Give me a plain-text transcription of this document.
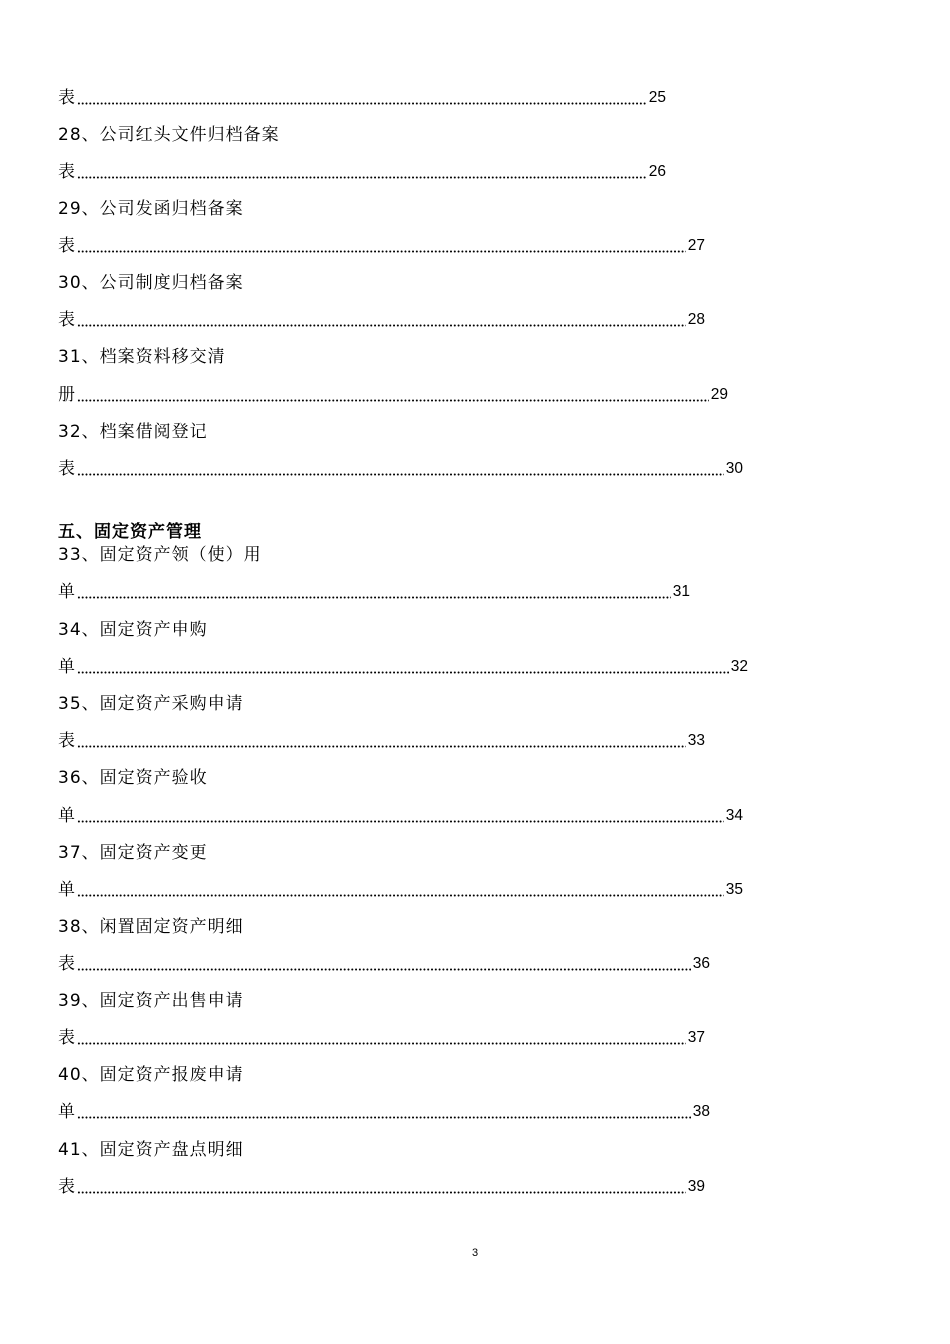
表	25
28、公司红头文件归档备案
表	26
29、公司发函归档备案
表	27
30、公司制度归档备案
表	28
31、档案资料移交清
册	29
32、档案借阅登记
表	30
五、固定资产管理
33、固定资产领（使）用
单	31
34、固定资产申购
单	32
35、固定资产采购申请
表	33
36、固定资产验收
单	34
37、固定资产变更
单	35
38、闲置固定资产明细
表	36
39、固定资产出售申请
表	37
40、固定资产报废申请
单	38
41、固定资产盘点明细
表	39
3
